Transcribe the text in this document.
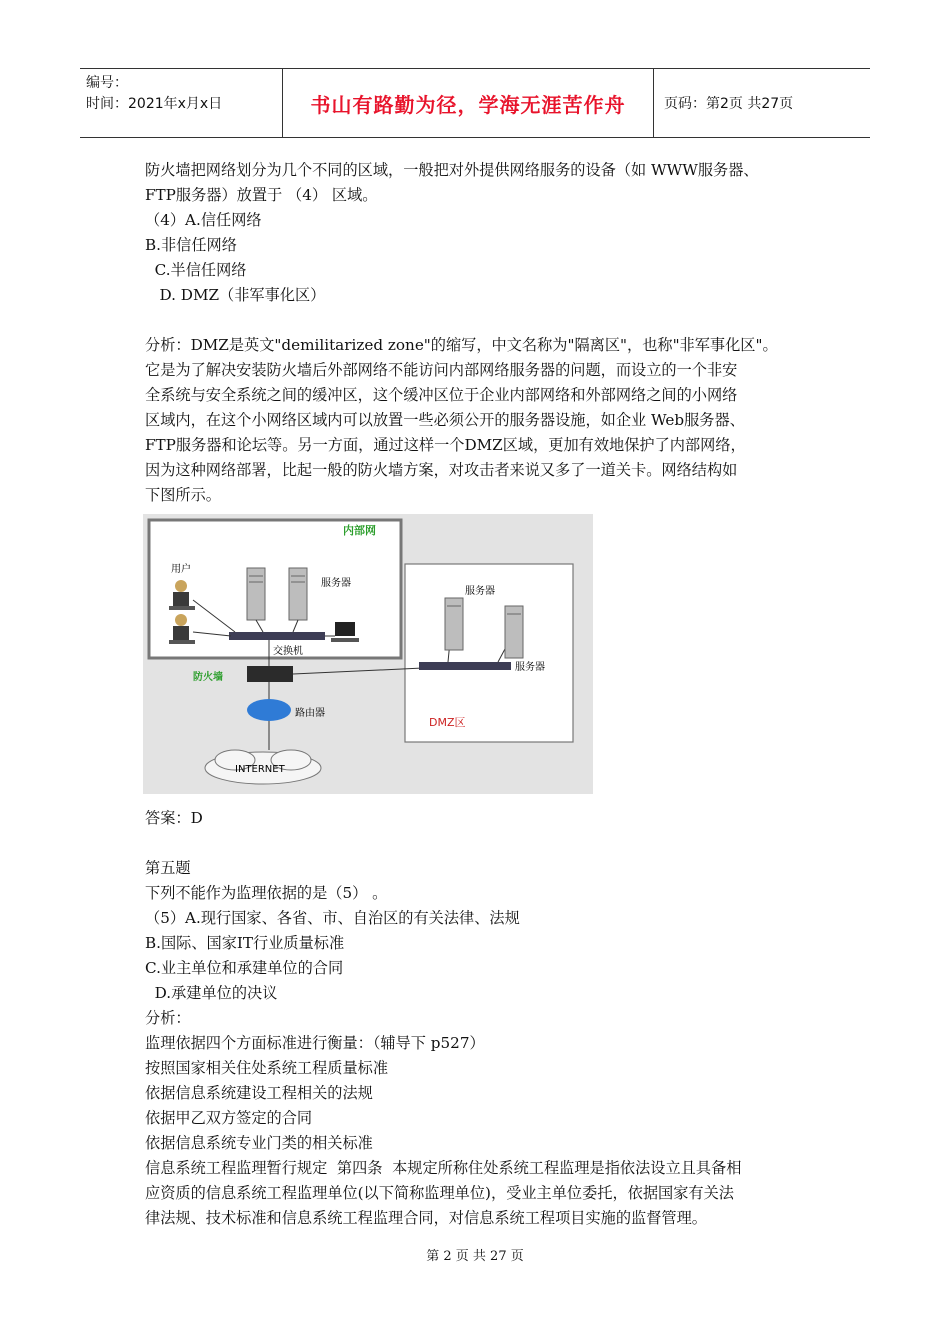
编号：
时间：2021年x月x日	书山有路勤为径，学海无涯苦作舟	页码：第2页 共27页
防火墙把网络划分为几个不同的区域，一般把对外提供网络服务的设备（如 WWW服务器、
FTP服务器）放置于 （4） 区域。
（4）A.信任网络
B.非信任网络
C.半信任网络
D. DMZ（非军事化区）
分析：DMZ是英文"demilitarized zone"的缩写，中文名称为"隔离区"，也称"非军事化区"。
它是为了解决安装防火墙后外部网络不能访问内部网络服务器的问题，而设立的一个非安
全系统与安全系统之间的缓冲区，这个缓冲区位于企业内部网络和外部网络之间的小网络
区域内，在这个小网络区域内可以放置一些必须公开的服务器设施，如企业 Web服务器、
FTP服务器和论坛等。另一方面，通过这样一个DMZ区域，更加有效地保护了内部网络，
因为这种网络部署，比起一般的防火墙方案，对攻击者来说又多了一道关卡。网络结构如
下图所示。
内部网
用户
服务器
交换机
防火墙
路由器
INTERNET
服务器
服务器
DMZ区
答案：D
第五题
下列不能作为监理依据的是（5） 。
（5）A.现行国家、各省、市、自治区的有关法律、法规
B.国际、国家IT行业质量标准
C.业主单位和承建单位的合同
D.承建单位的决议
分析：
监理依据四个方面标准进行衡量：（辅导下 p527）
按照国家相关住处系统工程质量标准
依据信息系统建设工程相关的法规
依据甲乙双方签定的合同
依据信息系统专业门类的相关标准
信息系统工程监理暂行规定  第四条  本规定所称住处系统工程监理是指依法设立且具备相
应资质的信息系统工程监理单位(以下简称监理单位)，受业主单位委托，依据国家有关法
律法规、技术标准和信息系统工程监理合同，对信息系统工程项目实施的监督管理。
第 2 页 共 27 页
